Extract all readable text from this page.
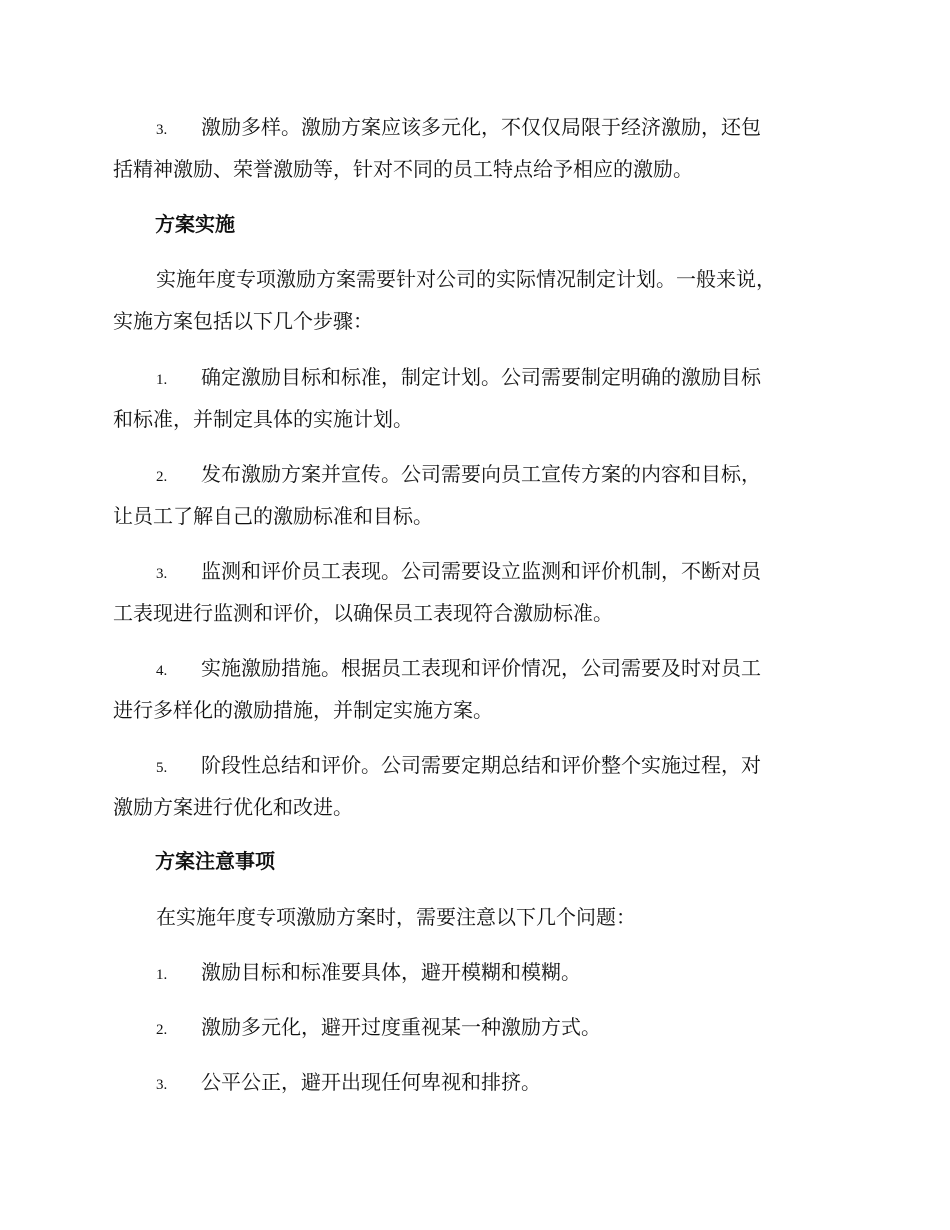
3. 激励多样。激励方案应该多元化，不仅仅局限于经济激励，还包
括精神激励、荣誉激励等，针对不同的员工特点给予相应的激励。
方案实施
实施年度专项激励方案需要针对公司的实际情况制定计划。一般来说，
实施方案包括以下几个步骤：
1. 确定激励目标和标准，制定计划。公司需要制定明确的激励目标
和标准，并制定具体的实施计划。
2. 发布激励方案并宣传。公司需要向员工宣传方案的内容和目标，
让员工了解自己的激励标准和目标。
3. 监测和评价员工表现。公司需要设立监测和评价机制，不断对员
工表现进行监测和评价，以确保员工表现符合激励标准。
4. 实施激励措施。根据员工表现和评价情况，公司需要及时对员工
进行多样化的激励措施，并制定实施方案。
5. 阶段性总结和评价。公司需要定期总结和评价整个实施过程，对
激励方案进行优化和改进。
方案注意事项
在实施年度专项激励方案时，需要注意以下几个问题：
1. 激励目标和标准要具体，避开模糊和模糊。
2. 激励多元化，避开过度重视某一种激励方式。
3. 公平公正，避开出现任何卑视和排挤。
